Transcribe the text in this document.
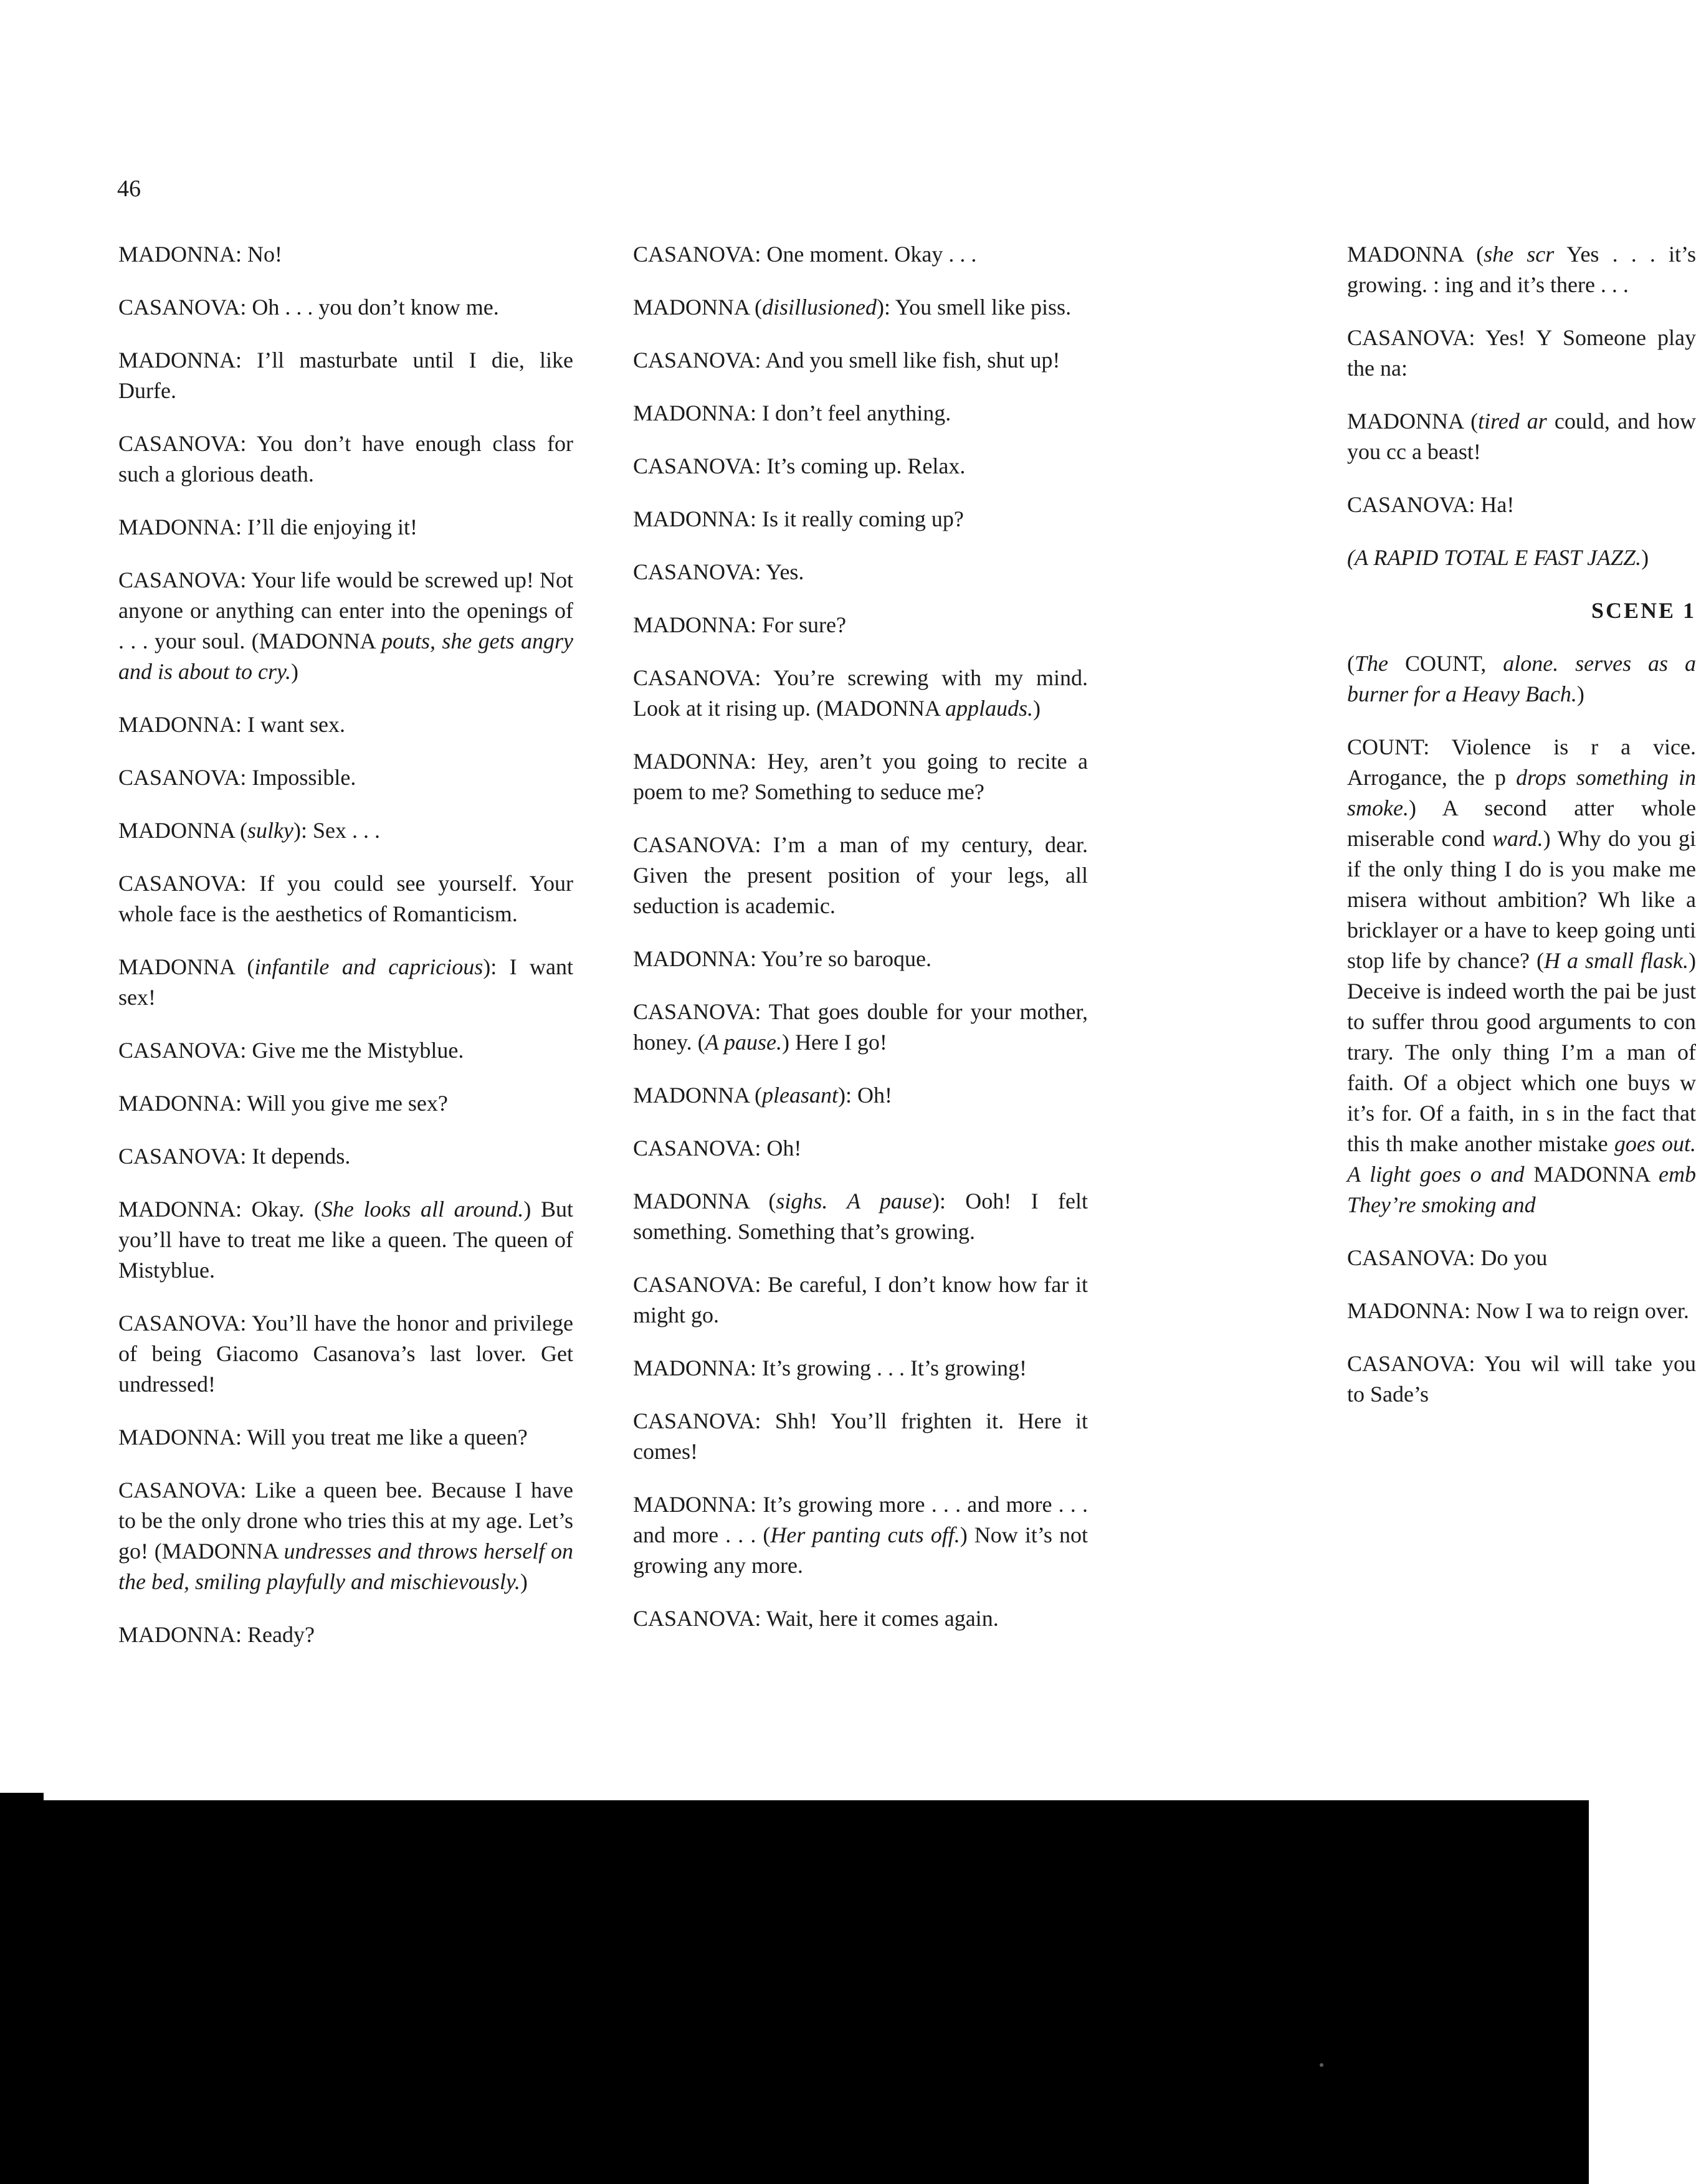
46

MADONNA: No!

CASANOVA: Oh . . . you don’t know me.

MADONNA: I’ll masturbate until I die, like Durfe.

CASANOVA: You don’t have enough class for such a glorious death.

MADONNA: I’ll die enjoying it!

CASANOVA: Your life would be screwed up! Not anyone or anything can enter into the openings of . . . your soul. (MADONNA pouts, she gets angry and is about to cry.)

MADONNA: I want sex.

CASANOVA: Impossible.

MADONNA (sulky): Sex . . .

CASANOVA: If you could see yourself. Your whole face is the aesthetics of Romanticism.

MADONNA (infantile and capricious): I want sex!

CASANOVA: Give me the Mistyblue.

MADONNA: Will you give me sex?

CASANOVA: It depends.

MADONNA: Okay. (She looks all around.) But you’ll have to treat me like a queen. The queen of Mistyblue.

CASANOVA: You’ll have the honor and privilege of being Giacomo Casanova’s last lover. Get undressed!

MADONNA: Will you treat me like a queen?

CASANOVA: Like a queen bee. Because I have to be the only drone who tries this at my age. Let’s go! (MADONNA undresses and throws herself on the bed, smiling playfully and mischievously.)

MADONNA: Ready?

CASANOVA: One moment. Okay . . .

MADONNA (disillusioned): You smell like piss.

CASANOVA: And you smell like fish, shut up!

MADONNA: I don’t feel anything.

CASANOVA: It’s coming up. Relax.

MADONNA: Is it really coming up?

CASANOVA: Yes.

MADONNA: For sure?

CASANOVA: You’re screwing with my mind. Look at it rising up. (MADONNA applauds.)

MADONNA: Hey, aren’t you going to recite a poem to me? Something to seduce me?

CASANOVA: I’m a man of my century, dear. Given the present position of your legs, all seduction is academic.

MADONNA: You’re so baroque.

CASANOVA: That goes double for your mother, honey. (A pause.) Here I go!

MADONNA (pleasant): Oh!

CASANOVA: Oh!

MADONNA (sighs. A pause): Ooh! I felt something. Something that’s growing.

CASANOVA: Be careful, I don’t know how far it might go.

MADONNA: It’s growing . . . It’s growing!

CASANOVA: Shh! You’ll frighten it. Here it comes!

MADONNA: It’s growing more . . . and more . . . and more . . . (Her panting cuts off.) Now it’s not growing any more.

CASANOVA: Wait, here it comes again.

MADONNA (she scr Yes . . . it’s growing. : ing and it’s there . . .

CASANOVA: Yes! Y Someone play the na:

MADONNA (tired ar could, and how you cc a beast!

CASANOVA: Ha!

(A RAPID TOTAL E FAST JAZZ.)

SCENE 1

(The COUNT, alone. serves as a burner for a Heavy Bach.)

COUNT: Violence is r a vice. Arrogance, the p drops something in smoke.) A second atter whole miserable cond ward.) Why do you gi if the only thing I do is you make me misera without ambition? Wh like a bricklayer or a have to keep going unti stop life by chance? (H a small flask.) Deceive is indeed worth the pai be just to suffer throu good arguments to con trary. The only thing I’m a man of faith. Of a object which one buys w it’s for. Of a faith, in s in the fact that this th make another mistake goes out. A light goes o and MADONNA emb They’re smoking and

CASANOVA: Do you

MADONNA: Now I wa to reign over.

CASANOVA: You wil will take you to Sade’s
